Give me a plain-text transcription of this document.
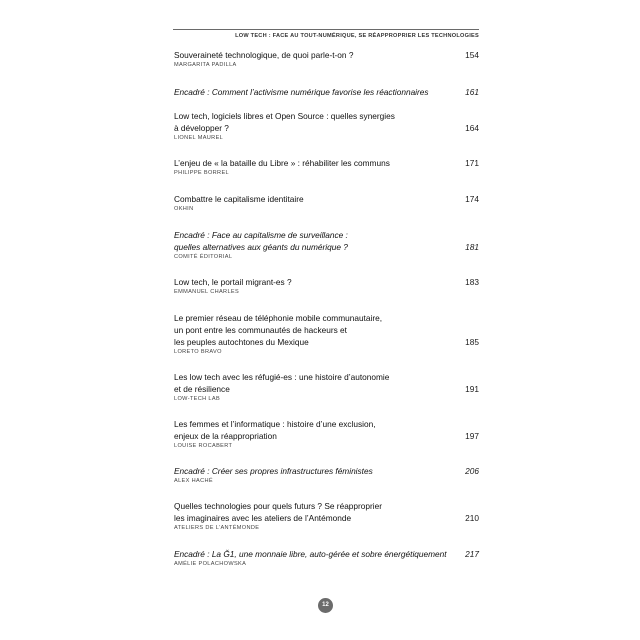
LOW TECH : FACE AU TOUT-NUMÉRIQUE, SE RÉAPPROPRIER LES TECHNOLOGIES
Souveraineté technologique, de quoi parle-t-on ?	154
MARGARITA PADILLA
Encadré : Comment l’activisme numérique favorise les réactionnaires	161
Low tech, logiciels libres et Open Source : quelles synergies
à développer ?	164
LIONEL MAUREL
L’enjeu de « la bataille du Libre » : réhabiliter les communs	171
PHILIPPE BORREL
Combattre le capitalisme identitaire	174
OKHIN
Encadré : Face au capitalisme de surveillance :
quelles alternatives aux géants du numérique ?	181
COMITÉ ÉDITORIAL
Low tech, le portail migrant-es ?	183
EMMANUEL CHARLES
Le premier réseau de téléphonie mobile communautaire,
un pont entre les communautés de hackeurs et
les peuples autochtones du Mexique	185
LORETO BRAVO
Les low tech avec les réfugié-es : une histoire d’autonomie
et de résilience	191
LOW-TECH LAB
Les femmes et l’informatique : histoire d’une exclusion,
enjeux de la réappropriation	197
LOUISE ROCABERT
Encadré : Créer ses propres infrastructures féministes	206
ALEX HACHÉ
Quelles technologies pour quels futurs ? Se réapproprier
les imaginaires avec les ateliers de l’Antémonde	210
ATELIERS DE L’ANTÉMONDE
Encadré : La Ğ1, une monnaie libre, auto-gérée et sobre énergétiquement 217
AMÉLIE POLACHOWSKA
12
